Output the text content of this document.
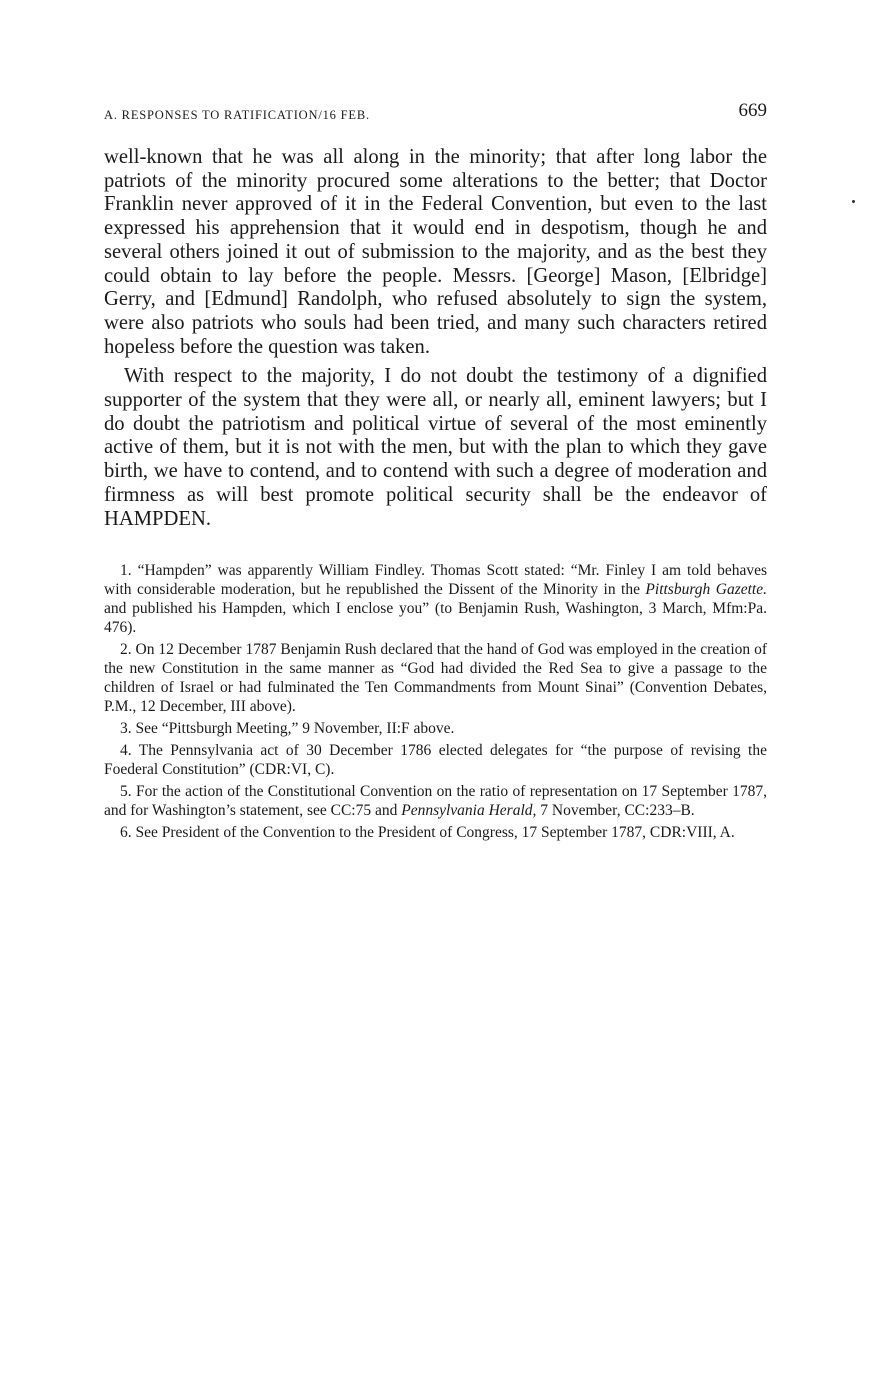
A. RESPONSES TO RATIFICATION/16 FEB.	669

well-known that he was all along in the minority; that after long labor the patriots of the minority procured some alterations to the better; that Doctor Franklin never approved of it in the Federal Convention, but even to the last expressed his apprehension that it would end in despotism, though he and several others joined it out of submission to the majority, and as the best they could obtain to lay before the people. Messrs. [George] Mason, [Elbridge] Gerry, and [Edmund] Randolph, who refused absolutely to sign the system, were also patriots who souls had been tried, and many such characters retired hopeless before the question was taken.

With respect to the majority, I do not doubt the testimony of a dignified supporter of the system that they were all, or nearly all, eminent lawyers; but I do doubt the patriotism and political virtue of several of the most eminently active of them, but it is not with the men, but with the plan to which they gave birth, we have to contend, and to contend with such a degree of moderation and firmness as will best promote political security shall be the endeavor of HAMPDEN.

1. “Hampden” was apparently William Findley. Thomas Scott stated: “Mr. Finley I am told behaves with considerable moderation, but he republished the Dissent of the Minority in the Pittsburgh Gazette. and published his Hampden, which I enclose you” (to Benjamin Rush, Washington, 3 March, Mfm:Pa. 476).

2. On 12 December 1787 Benjamin Rush declared that the hand of God was employed in the creation of the new Constitution in the same manner as “God had divided the Red Sea to give a passage to the children of Israel or had fulminated the Ten Commandments from Mount Sinai” (Convention Debates, P.M., 12 December, III above).

3. See “Pittsburgh Meeting,” 9 November, II:F above.

4. The Pennsylvania act of 30 December 1786 elected delegates for “the purpose of revising the Foederal Constitution” (CDR:VI, C).

5. For the action of the Constitutional Convention on the ratio of representation on 17 September 1787, and for Washington’s statement, see CC:75 and Pennsylvania Herald, 7 November, CC:233–B.

6. See President of the Convention to the President of Congress, 17 September 1787, CDR:VIII, A.
